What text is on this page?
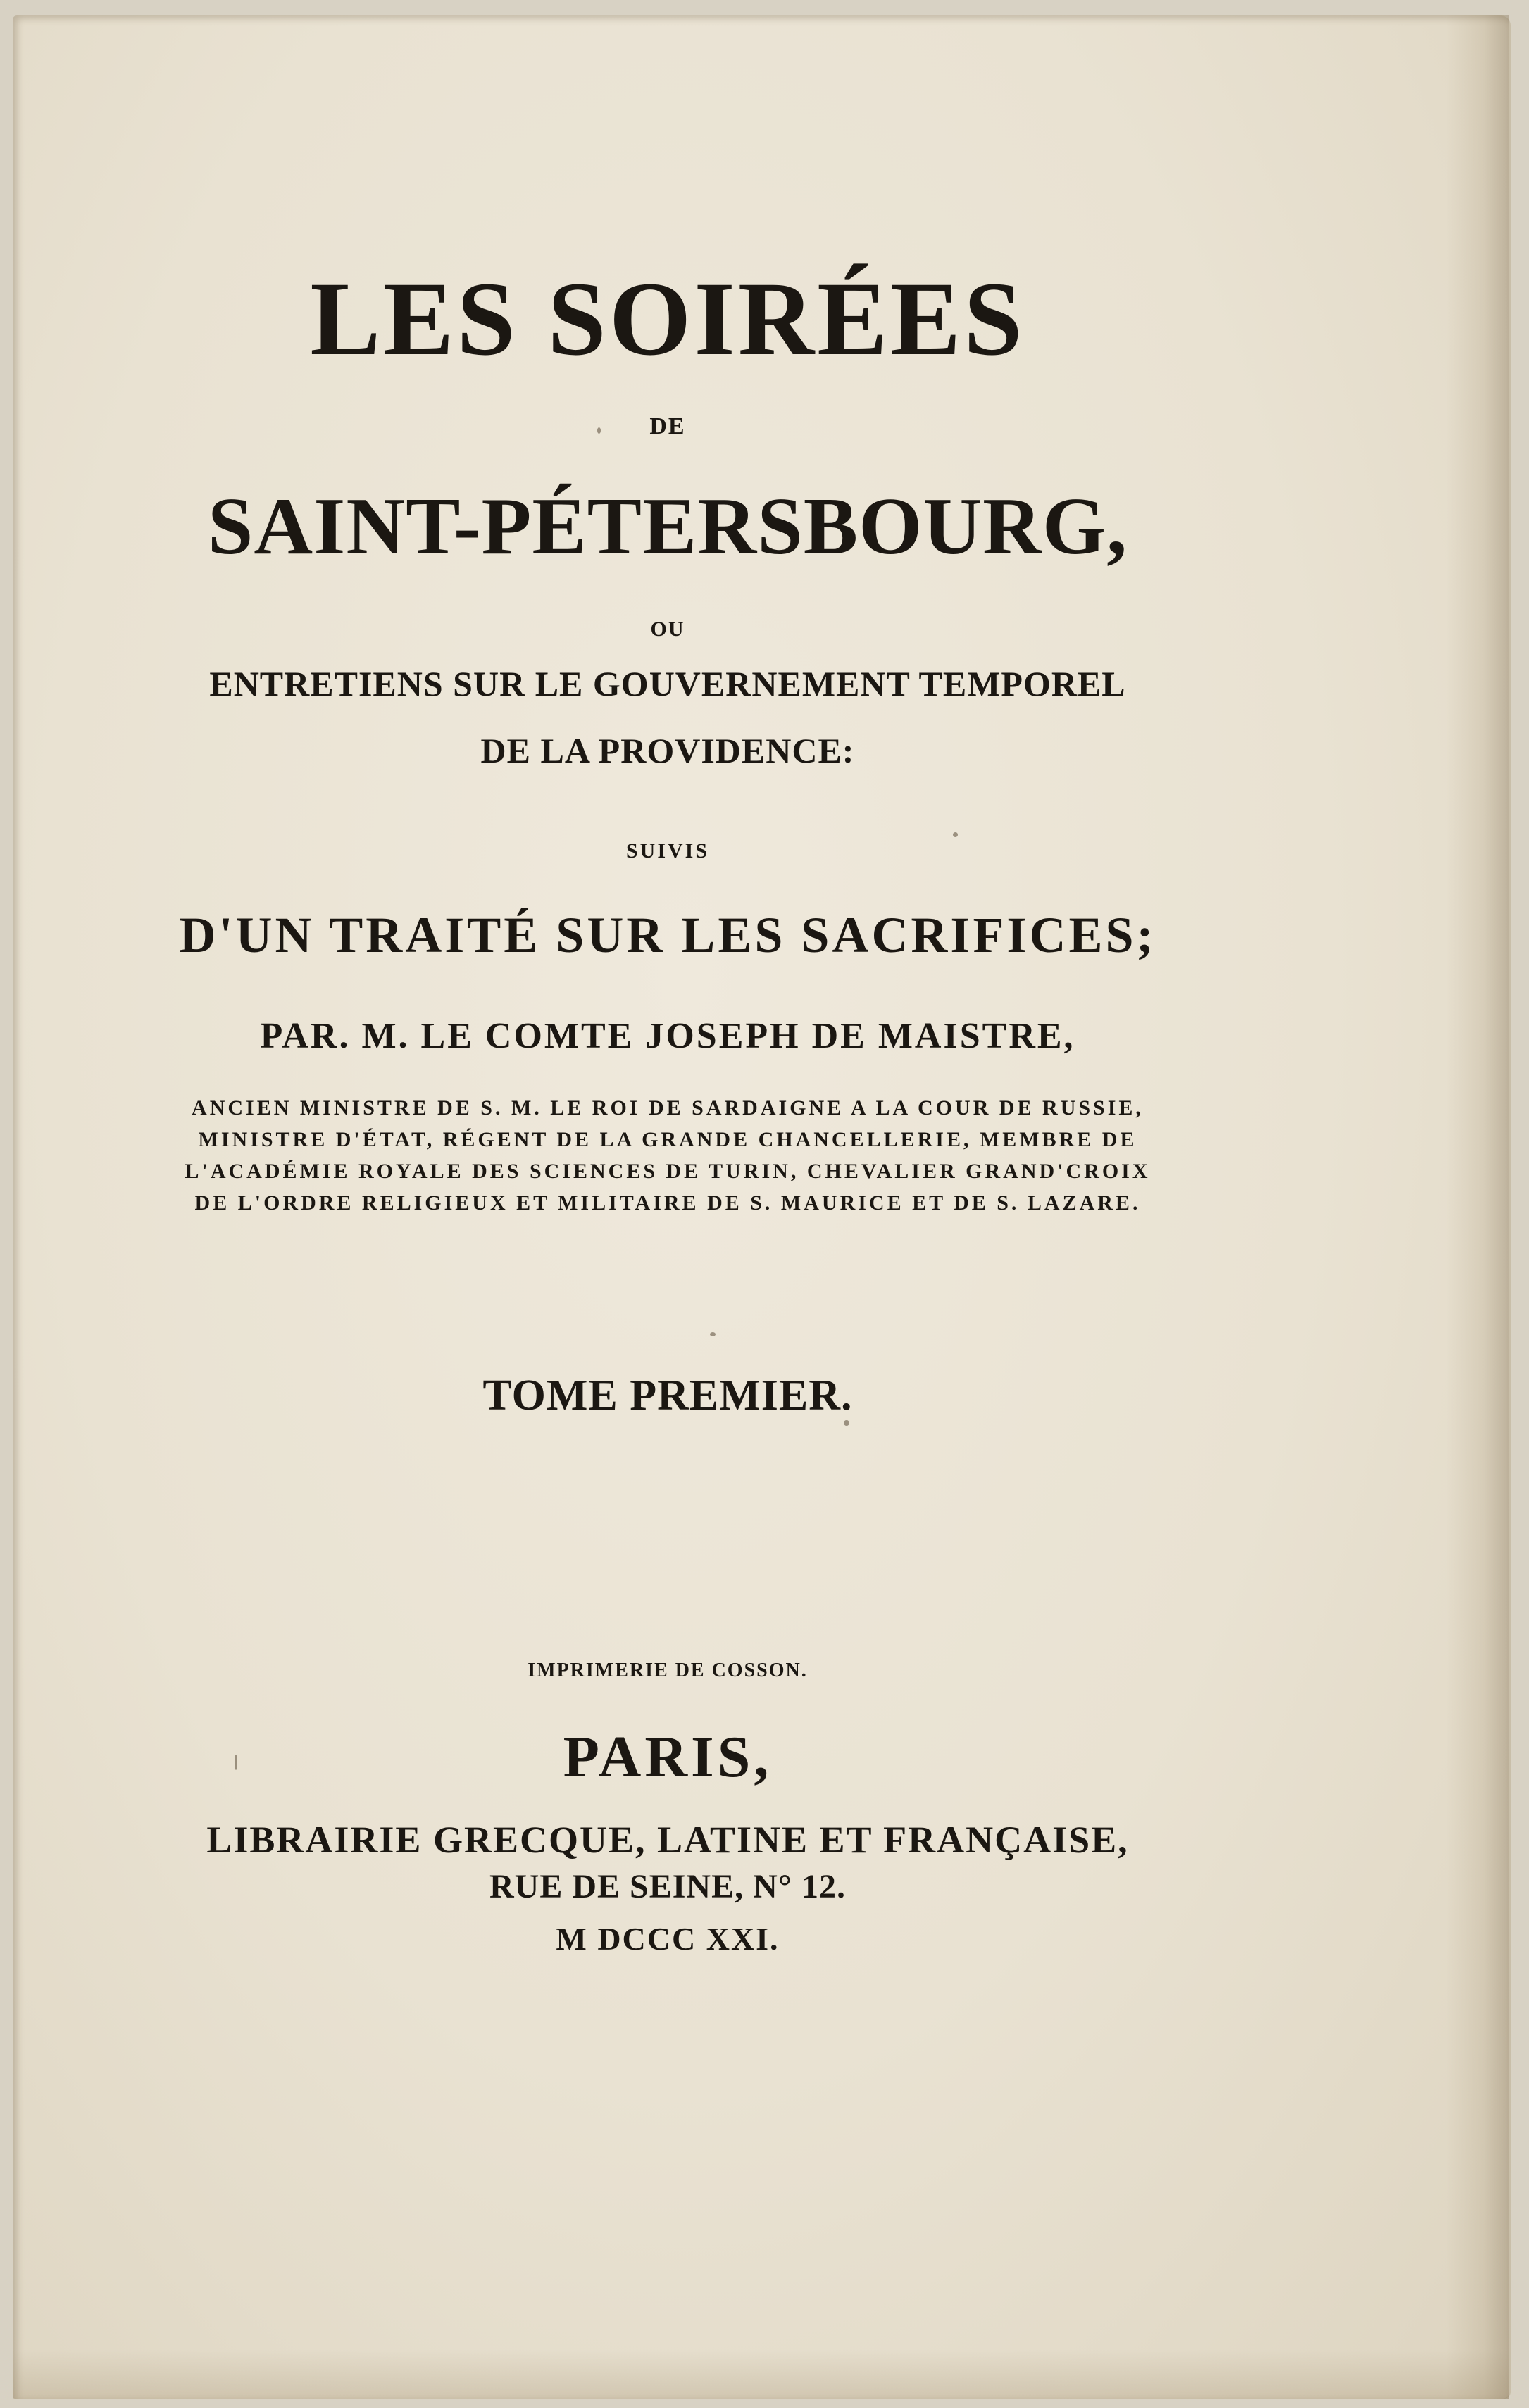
LES SOIRÉES
DE
SAINT-PÉTERSBOURG,
OU
ENTRETIENS SUR LE GOUVERNEMENT TEMPOREL
DE LA PROVIDENCE:
SUIVIS
D'UN TRAITÉ SUR LES SACRIFICES;
PAR. M. LE COMTE JOSEPH DE MAISTRE,
ANCIEN MINISTRE DE S. M. LE ROI DE SARDAIGNE A LA COUR DE RUSSIE,
MINISTRE D'ÉTAT, RÉGENT DE LA GRANDE CHANCELLERIE, MEMBRE DE
L'ACADÉMIE ROYALE DES SCIENCES DE TURIN, CHEVALIER GRAND'CROIX
DE L'ORDRE RELIGIEUX ET MILITAIRE DE S. MAURICE ET DE S. LAZARE.
TOME PREMIER.
IMPRIMERIE DE COSSON.
PARIS,
LIBRAIRIE GRECQUE, LATINE ET FRANÇAISE,
RUE DE SEINE, N° 12.
M DCCC XXI.
